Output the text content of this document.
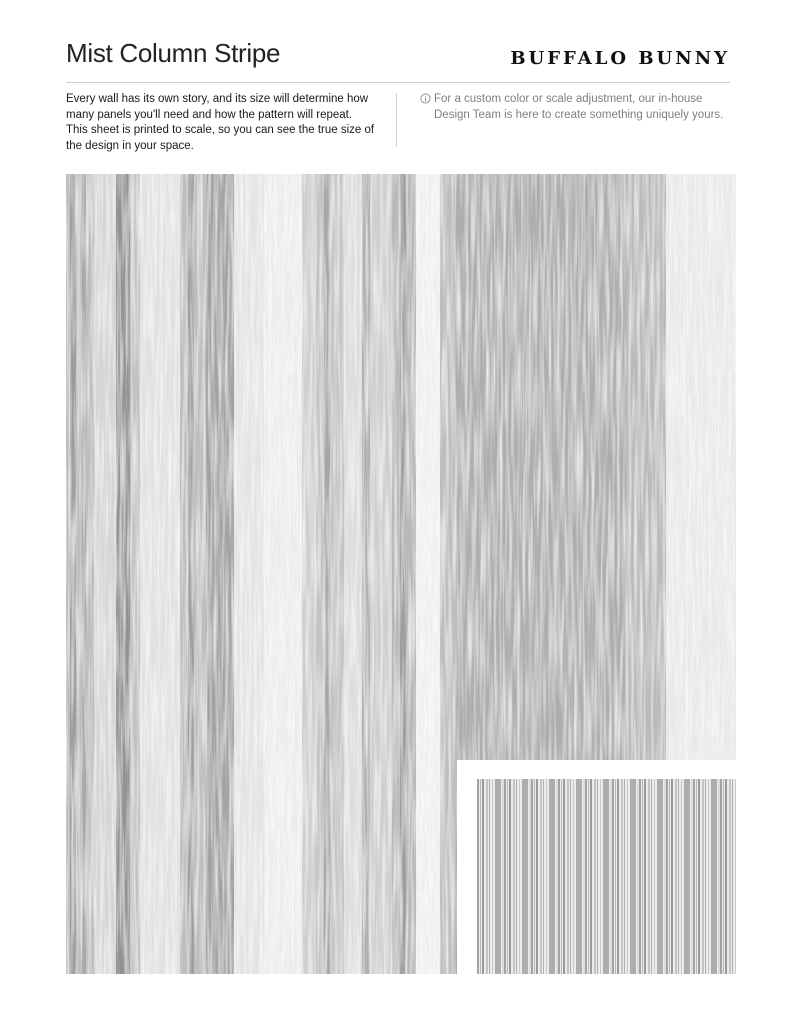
Mist Column Stripe	BUFFALO BUNNY
Every wall has its own story, and its size will determine how many panels you'll need and how the pattern will repeat. This sheet is printed to scale, so you can see the true size of the design in your space.
For a custom color or scale adjustment, our in-house Design Team is here to create something uniquely yours.
